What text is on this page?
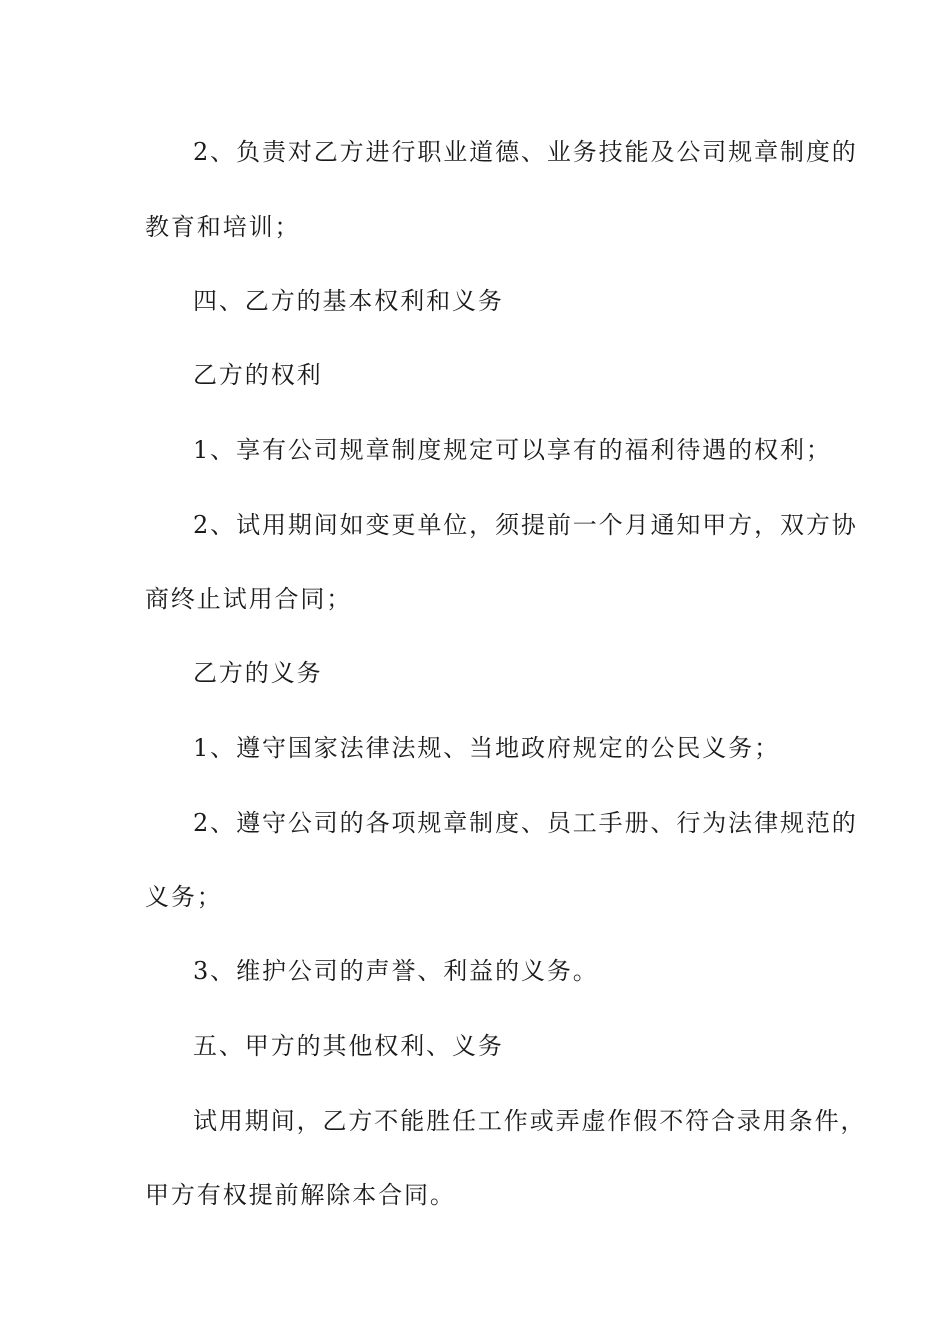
2、负责对乙方进行职业道德、业务技能及公司规章制度的
教育和培训；
四、乙方的基本权利和义务
乙方的权利
1、享有公司规章制度规定可以享有的福利待遇的权利；
2、试用期间如变更单位，须提前一个月通知甲方，双方协
商终止试用合同；
乙方的义务
1、遵守国家法律法规、当地政府规定的公民义务；
2、遵守公司的各项规章制度、员工手册、行为法律规范的
义务；
3、维护公司的声誉、利益的义务。
五、甲方的其他权利、义务
试用期间，乙方不能胜任工作或弄虚作假不符合录用条件，
甲方有权提前解除本合同。
